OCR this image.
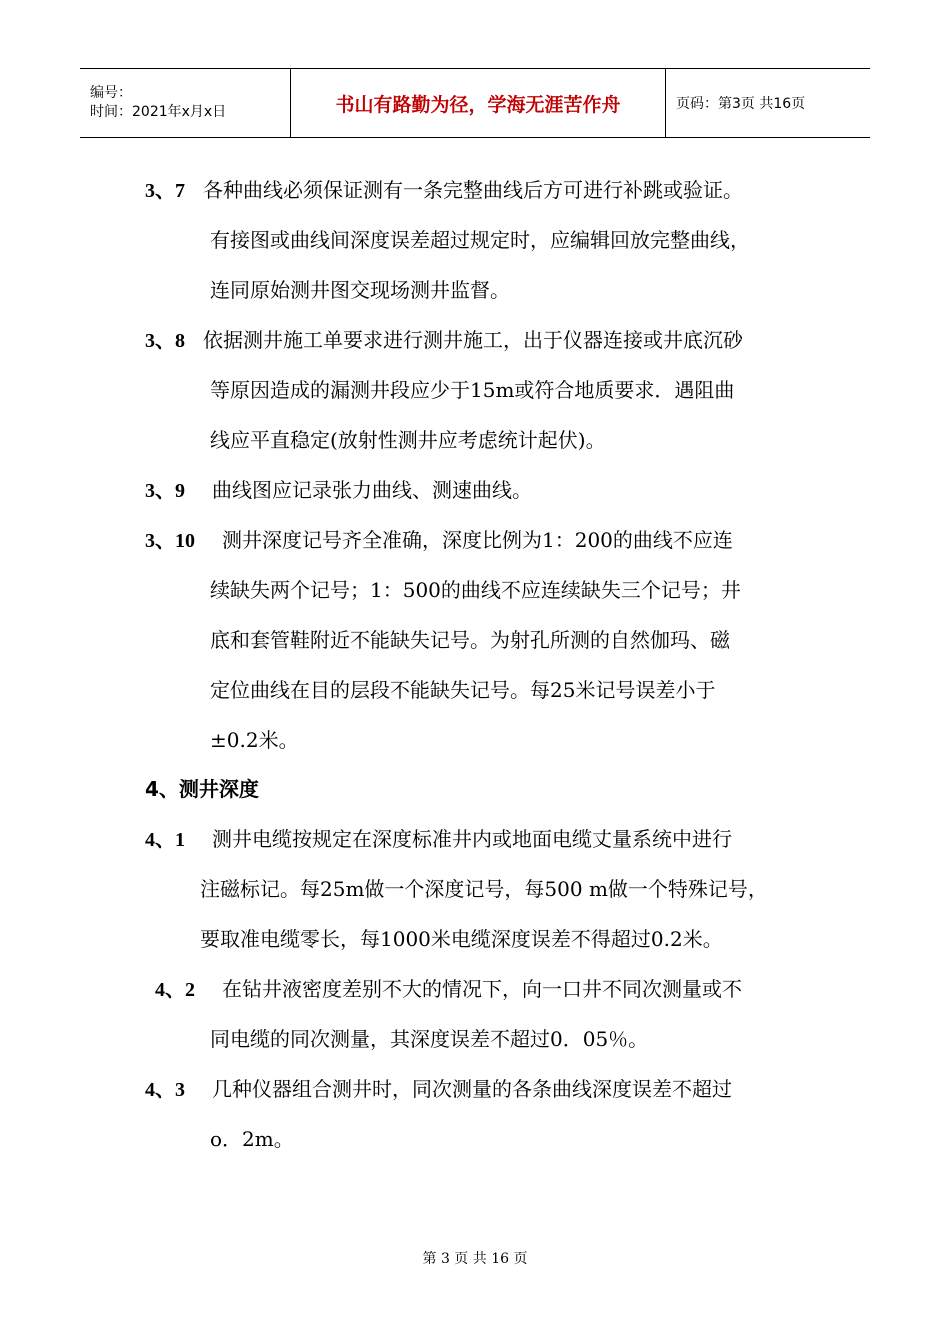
编号：
时间：2021年x月x日	书山有路勤为径，学海无涯苦作舟	页码：第3页 共16页
3、7 各种曲线必须保证测有一条完整曲线后方可进行补跳或验证。
有接图或曲线间深度误差超过规定时，应编辑回放完整曲线，
连同原始测井图交现场测井监督。
3、8 依据测井施工单要求进行测井施工，出于仪器连接或井底沉砂
等原因造成的漏测井段应少于15m或符合地质要求．遇阻曲
线应平直稳定(放射性测井应考虑统计起伏)。
3、9 曲线图应记录张力曲线、测速曲线。
3、10 测井深度记号齐全准确，深度比例为1：200的曲线不应连
续缺失两个记号；1：500的曲线不应连续缺失三个记号；井
底和套管鞋附近不能缺失记号。为射孔所测的自然伽玛、磁
定位曲线在目的层段不能缺失记号。每25米记号误差小于
±0.2米。
4、测井深度
4、1 测井电缆按规定在深度标准井内或地面电缆丈量系统中进行
注磁标记。每25m做一个深度记号，每500 m做一个特殊记号，
要取准电缆零长，每1000米电缆深度误差不得超过0.2米。
4、2 在钻井液密度差别不大的情况下，向一口井不同次测量或不
同电缆的同次测量，其深度误差不超过0．05％。
4、3 几种仪器组合测井时，同次测量的各条曲线深度误差不超过
o．2m。
第 3 页 共 16 页
